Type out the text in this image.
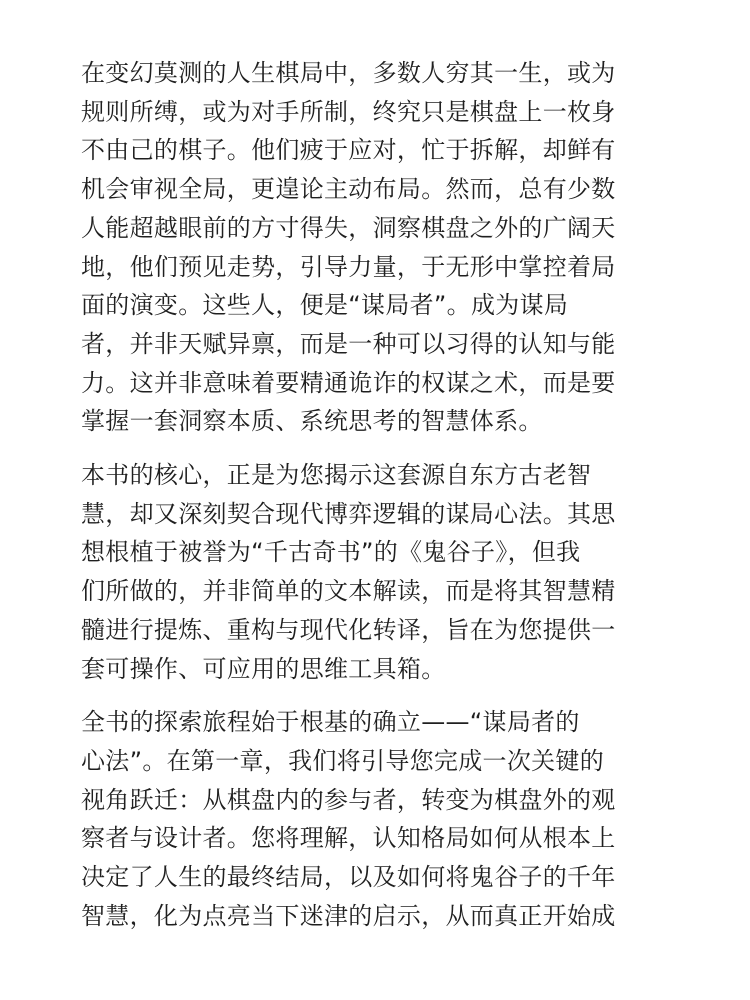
在变幻莫测的人生棋局中，多数人穷其一生，或为
规则所缚，或为对手所制，终究只是棋盘上一枚身
不由己的棋子。他们疲于应对，忙于拆解，却鲜有
机会审视全局，更遑论主动布局。然而，总有少数
人能超越眼前的方寸得失，洞察棋盘之外的广阔天
地，他们预见走势，引导力量，于无形中掌控着局
面的演变。这些人，便是“谋局者”。成为谋局
者，并非天赋异禀，而是一种可以习得的认知与能
力。这并非意味着要精通诡诈的权谋之术，而是要
掌握一套洞察本质、系统思考的智慧体系。

本书的核心，正是为您揭示这套源自东方古老智
慧，却又深刻契合现代博弈逻辑的谋局心法。其思
想根植于被誉为“千古奇书”的《鬼谷子》，但我
们所做的，并非简单的文本解读，而是将其智慧精
髓进行提炼、重构与现代化转译，旨在为您提供一
套可操作、可应用的思维工具箱。

全书的探索旅程始于根基的确立——“谋局者的
心法”。在第一章，我们将引导您完成一次关键的
视角跃迁：从棋盘内的参与者，转变为棋盘外的观
察者与设计者。您将理解，认知格局如何从根本上
决定了人生的最终结局，以及如何将鬼谷子的千年
智慧，化为点亮当下迷津的启示，从而真正开始成
